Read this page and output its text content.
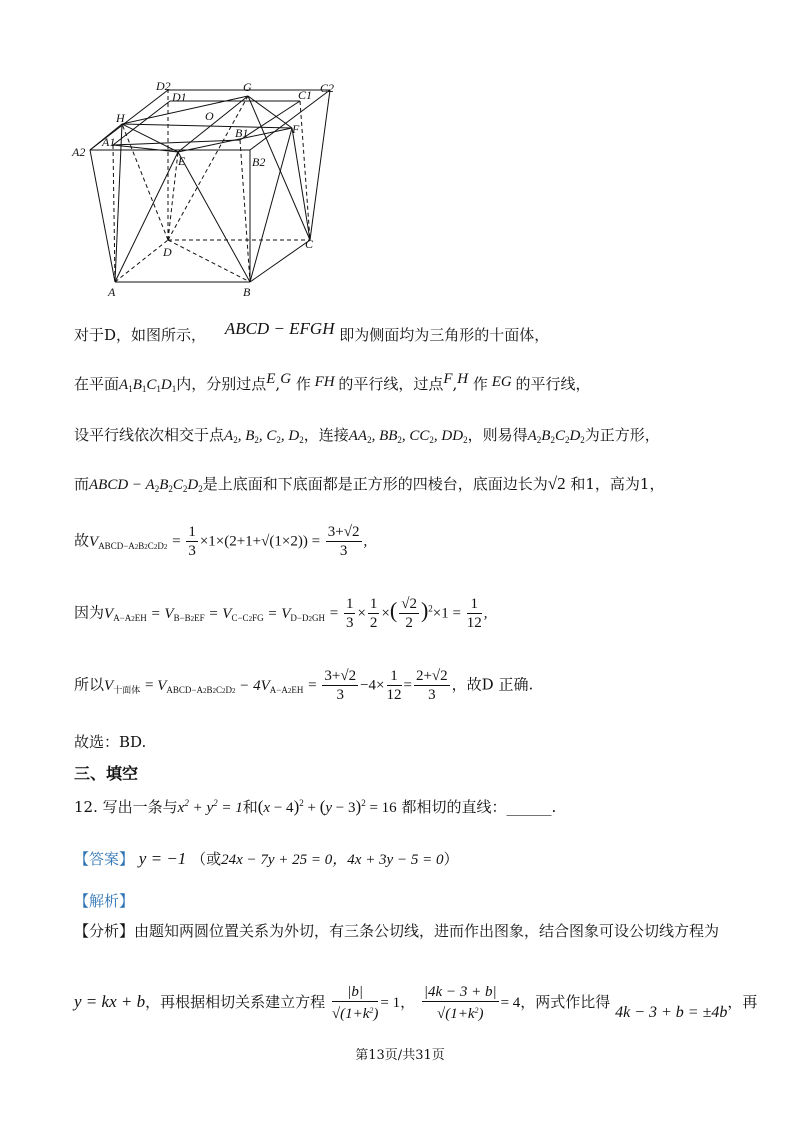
D2	G
C1 C2
D1
H	O
A1
B1	F
A2
E	B2
D
C
A	B
对于D，如图所示， ABCD − EFGH 即为侧面均为三角形的十面体，
在平面$A_1B_1C_1D_1$内，分别过点E,G 作 FH 的平行线，过点F,H 作 EG 的平行线，
设平行线依次相交于点$A_2$, $B_2$, $C_2$, $D_2$，连接$AA_2$, $BB_2$, $CC_2$, $DD_2$，则易得$A_2B_2C_2D_2$为正方形，
而ABCD − $A_2B_2C_2D_2$是上底面和下底面都是正方形的四棱台，底面边长为√2 和1，高为1，
故$V_{ABCD-A2B2C2D2} = \frac{1}{3} \times 1\times(2+1+√(1\times 2)) = \frac{3+√2}{3}$ ,
因为$V_{A-A2EH} = V_{B-B2EF} = V_{C-C2FG} = V_{D-D2GH} = \frac{1}{3} \times \frac{1}{2}$ ×( $\frac{√2}{2} )^2\times 1 = \frac{1}{12}$ ,
所以$V_{十面体} = V_{ABCD-A2B2C2D2} - 4V_{A-A2EH} = \frac{3+√2}{3} -4\times \frac{1}{12} = \frac{2+√2}{3}$ ，故D 正确.
故选：BD.
三、填空
12. 写出一条与$x^2 + y^2 = 1$和$(x - 4)^2 + (y - 3)^2 = 16$ 都相切的直线：______.
【答案】 y = −1 （或24x − 7y + 25 = 0，4x + 3y − 5 = 0）
【解析】
【分析】由题知两圆位置关系为外切，有三条公切线，进而作出图象，结合图象可设公切线方程为
y = kx + b，再根据相切关系建立方程 $\frac{|b|}{√(1+k^2)} = 1$， $\frac{|4k - 3 + b|}{√(1+k^2)} = 4$，两式作比得 4k − 3 + b = ±4b，再
第13页/共31页
